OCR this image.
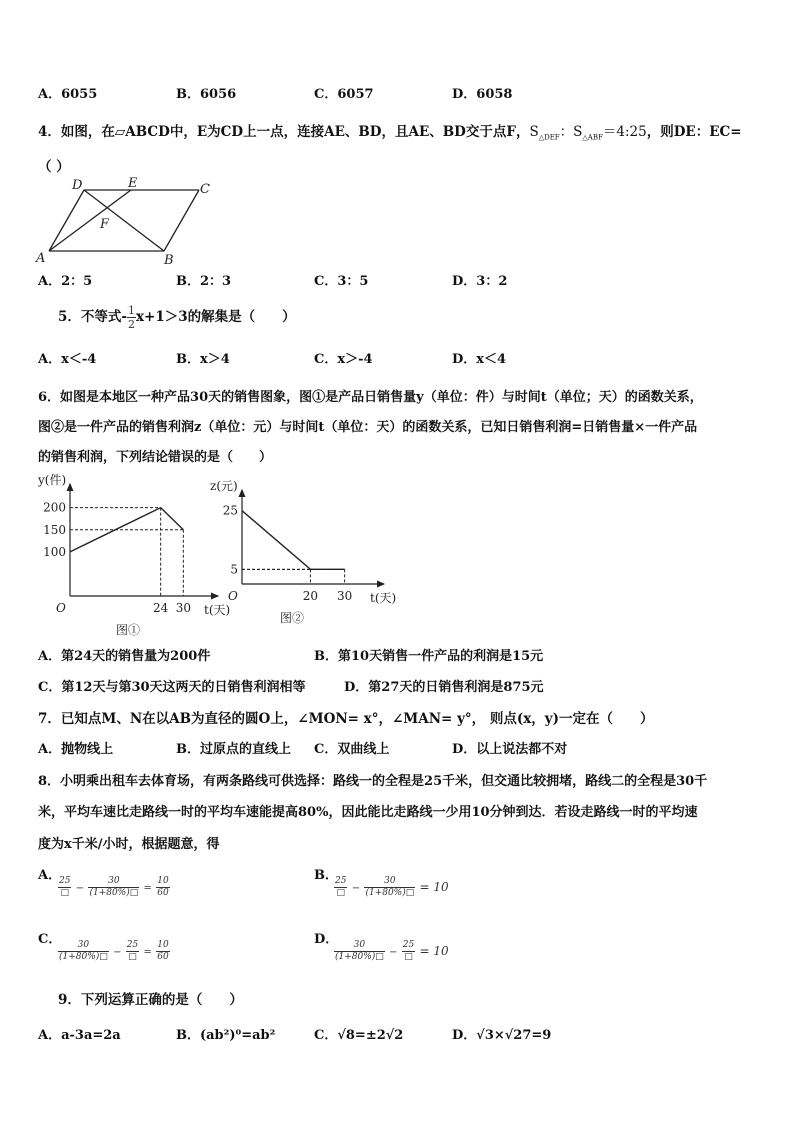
A．6055	B．6056	C．6057	D．6058
4．如图，在▱ABCD中，E为CD上一点，连接AE、BD，且AE、BD交于点F，$S_{\triangle DEF}$：$S_{\triangle ABF}=4:25$，则DE：EC=
（ ）
D	E	C
A	B
F
A．2：5	B．2：3	C．3：5	D．3：2
5．不等式- $\frac{1}{2} x+1>3$的解集是（　　）
A．x＜-4	B．x＞4	C．x＞-4	D．x＜4
6．如图是本地区一种产品30天的销售图象，图①是产品日销售量y（单位：件）与时间t（单位；天）的函数关系，
图②是一件产品的销售利润z（单位：元）与时间t（单位：天）的函数关系，已知日销售利润=日销售量×一件产品
的销售利润，下列结论错误的是（　　）
100
150
200
24 30
O
y(件)
t(天)
图①
5
25
20 30
O
z(元)
t(天)
图②
A．第24天的销售量为200件	B．第10天销售一件产品的利润是15元
C．第12天与第30天这两天的日销售利润相等	D．第27天的日销售利润是875元
7．已知点M、N在以AB为直径的圆O上，∠MON= x°，∠MAN= y°， 则点(x，y)一定在（　　）
A．抛物线上	B．过原点的直线上 C．双曲线上	D．以上说法都不对
8．小明乘出租车去体育场，有两条路线可供选择：路线一的全程是25千米，但交通比较拥堵，路线二的全程是30千
米，平均车速比走路线一时的平均车速能提高80%，因此能比走路线一少用10分钟到达．若设走路线一时的平均速
度为x千米/小时，根据题意，得
A．
$\frac{25}{□} - \frac{30}{(1+80\%)□} = \frac{10}{60}$
B．
$\frac{25}{□} - \frac{30}{(1+80\%)□} = 10$
C．
$\frac{30}{(1+80\%)□} - \frac{25}{□} = \frac{10}{60}$
D．
$\frac{30}{(1+80\%)□} - \frac{25}{□} = 10$
9．下列运算正确的是（　　）
A．a-3a=2a	B．(ab²)⁰=ab²	C．√8=±2√2	D．√3×√27=9
